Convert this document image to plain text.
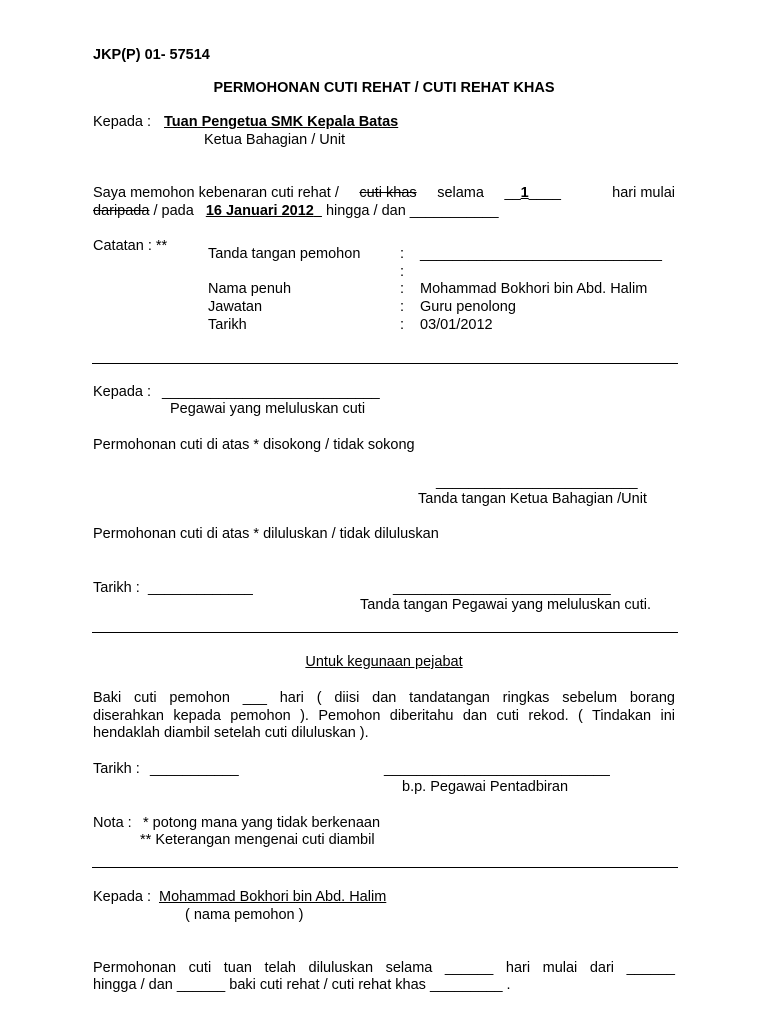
JKP(P) 01- 57514
PERMOHONAN CUTI REHAT / CUTI REHAT KHAS
Kepada : Tuan Pengetua SMK Kepala Batas
Ketua Bahagian / Unit
Saya memohon kebenaran cuti rehat / cuti khas selama __1____	hari mulai
daripada / pada 16 Januari 2012 hingga / dan ___________
Catatan : **	Tanda tangan pemohon	: ______________________________
:
Nama penuh	: Mohammad Bokhori bin Abd. Halim
Jawatan	: Guru penolong
Tarikh	: 03/01/2012
Kepada : ___________________________
Pegawai yang meluluskan cuti
Permohonan cuti di atas * disokong / tidak sokong
_________________________
Tanda tangan Ketua Bahagian /Unit
Permohonan cuti di atas * diluluskan / tidak diluluskan
Tarikh : _____________	___________________________
Tanda tangan Pegawai yang meluluskan cuti.
Untuk kegunaan pejabat
Baki cuti pemohon ___ hari ( diisi dan tandatangan ringkas sebelum borang
diserahkan kepada pemohon ). Pemohon diberitahu dan cuti rekod. ( Tindakan ini
hendaklah diambil setelah cuti diluluskan ).
Tarikh : ___________	____________________________
b.p. Pegawai Pentadbiran
Nota : * potong mana yang tidak berkenaan
** Keterangan mengenai cuti diambil
Kepada : Mohammad Bokhori bin Abd. Halim
( nama pemohon )
Permohonan cuti tuan telah diluluskan selama ______ hari mulai dari ______
hingga / dan ______ baki cuti rehat / cuti rehat khas _________ .
